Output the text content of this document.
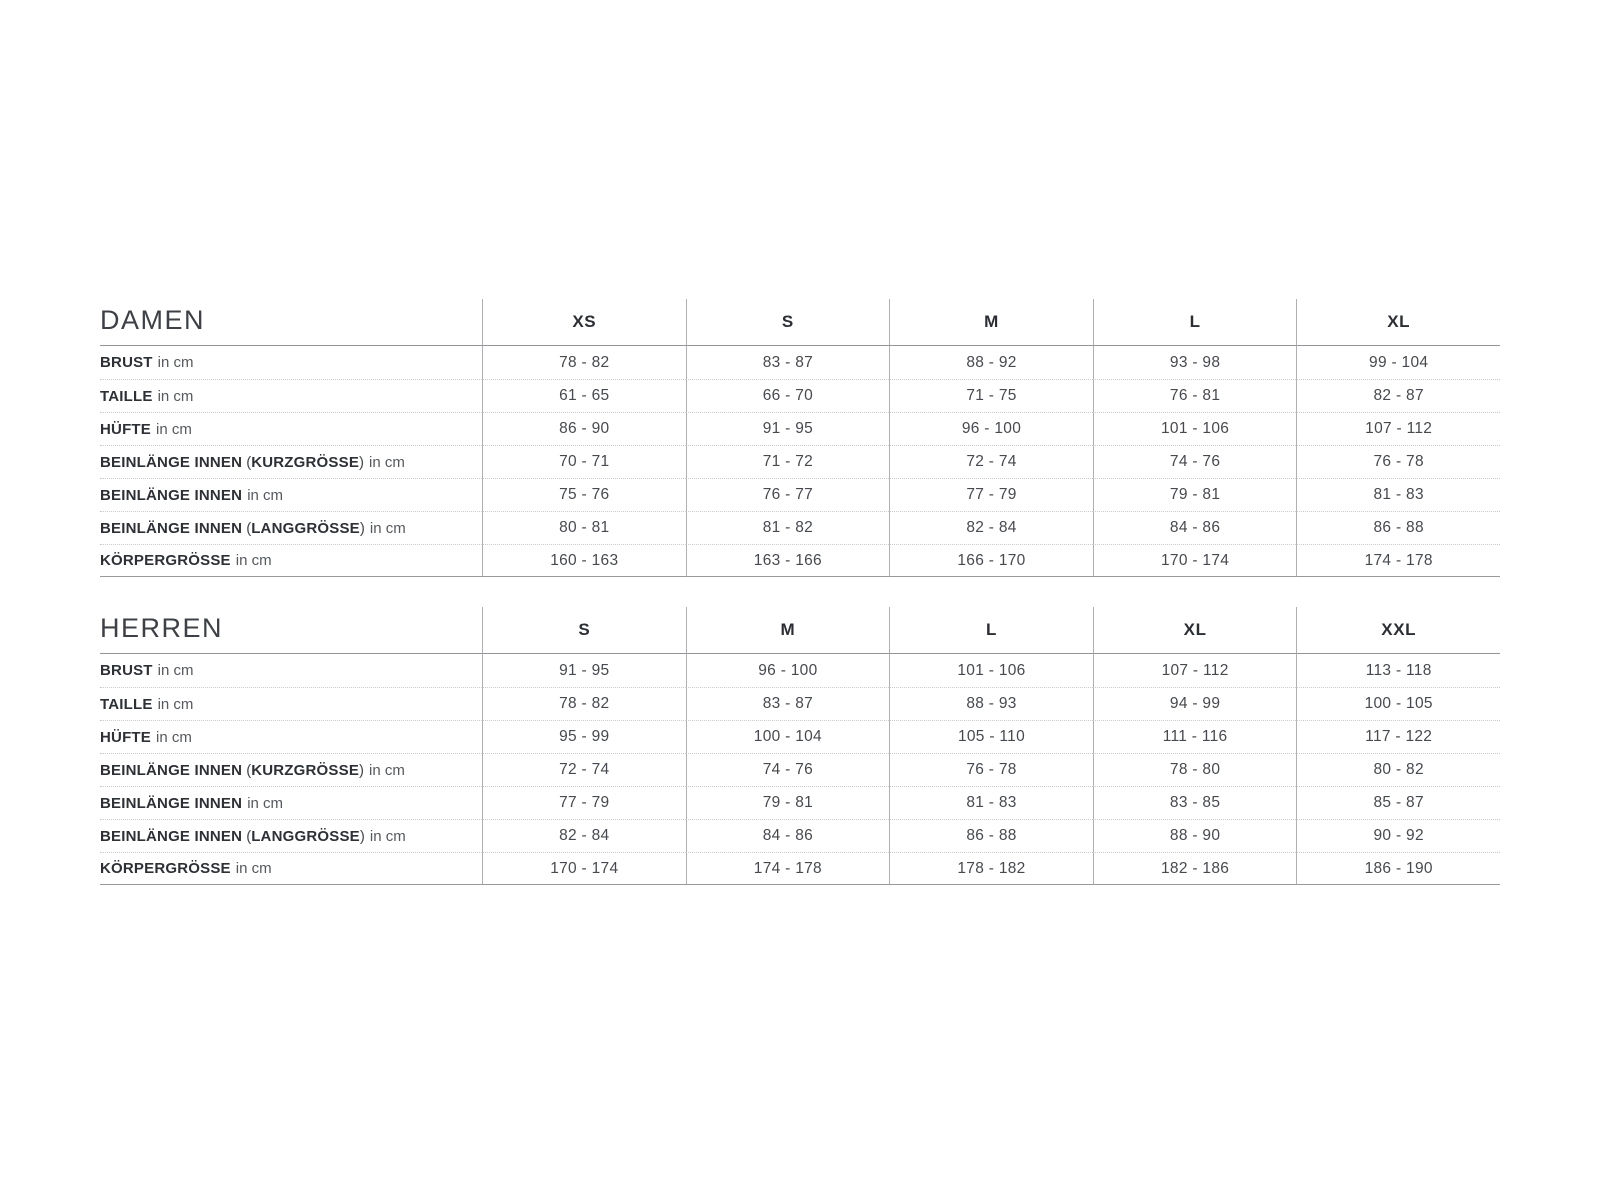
DAMEN	XS	S	M	L	XL
BRUST in cm	78 - 82	83 - 87	88 - 92	93 - 98	99 - 104
TAILLE in cm	61 - 65	66 - 70	71 - 75	76 - 81	82 - 87
HÜFTE in cm	86 - 90	91 - 95	96 - 100	101 - 106	107 - 112
BEINLÄNGE INNEN ( KURZGRÖSSE ) in cm	70 - 71	71 - 72	72 - 74	74 - 76	76 - 78
BEINLÄNGE INNEN in cm	75 - 76	76 - 77	77 - 79	79 - 81	81 - 83
BEINLÄNGE INNEN ( LANGGRÖSSE ) in cm	80 - 81	81 - 82	82 - 84	84 - 86	86 - 88
KÖRPERGRÖSSE in cm	160 - 163	163 - 166	166 - 170	170 - 174	174 - 178
HERREN	S	M	L	XL	XXL
BRUST in cm	91 - 95	96 - 100	101 - 106	107 - 112	113 - 118
TAILLE in cm	78 - 82	83 - 87	88 - 93	94 - 99	100 - 105
HÜFTE in cm	95 - 99	100 - 104	105 - 110	111 - 116	117 - 122
BEINLÄNGE INNEN ( KURZGRÖSSE ) in cm	72 - 74	74 - 76	76 - 78	78 - 80	80 - 82
BEINLÄNGE INNEN in cm	77 - 79	79 - 81	81 - 83	83 - 85	85 - 87
BEINLÄNGE INNEN ( LANGGRÖSSE ) in cm	82 - 84	84 - 86	86 - 88	88 - 90	90 - 92
KÖRPERGRÖSSE in cm	170 - 174	174 - 178	178 - 182	182 - 186	186 - 190
